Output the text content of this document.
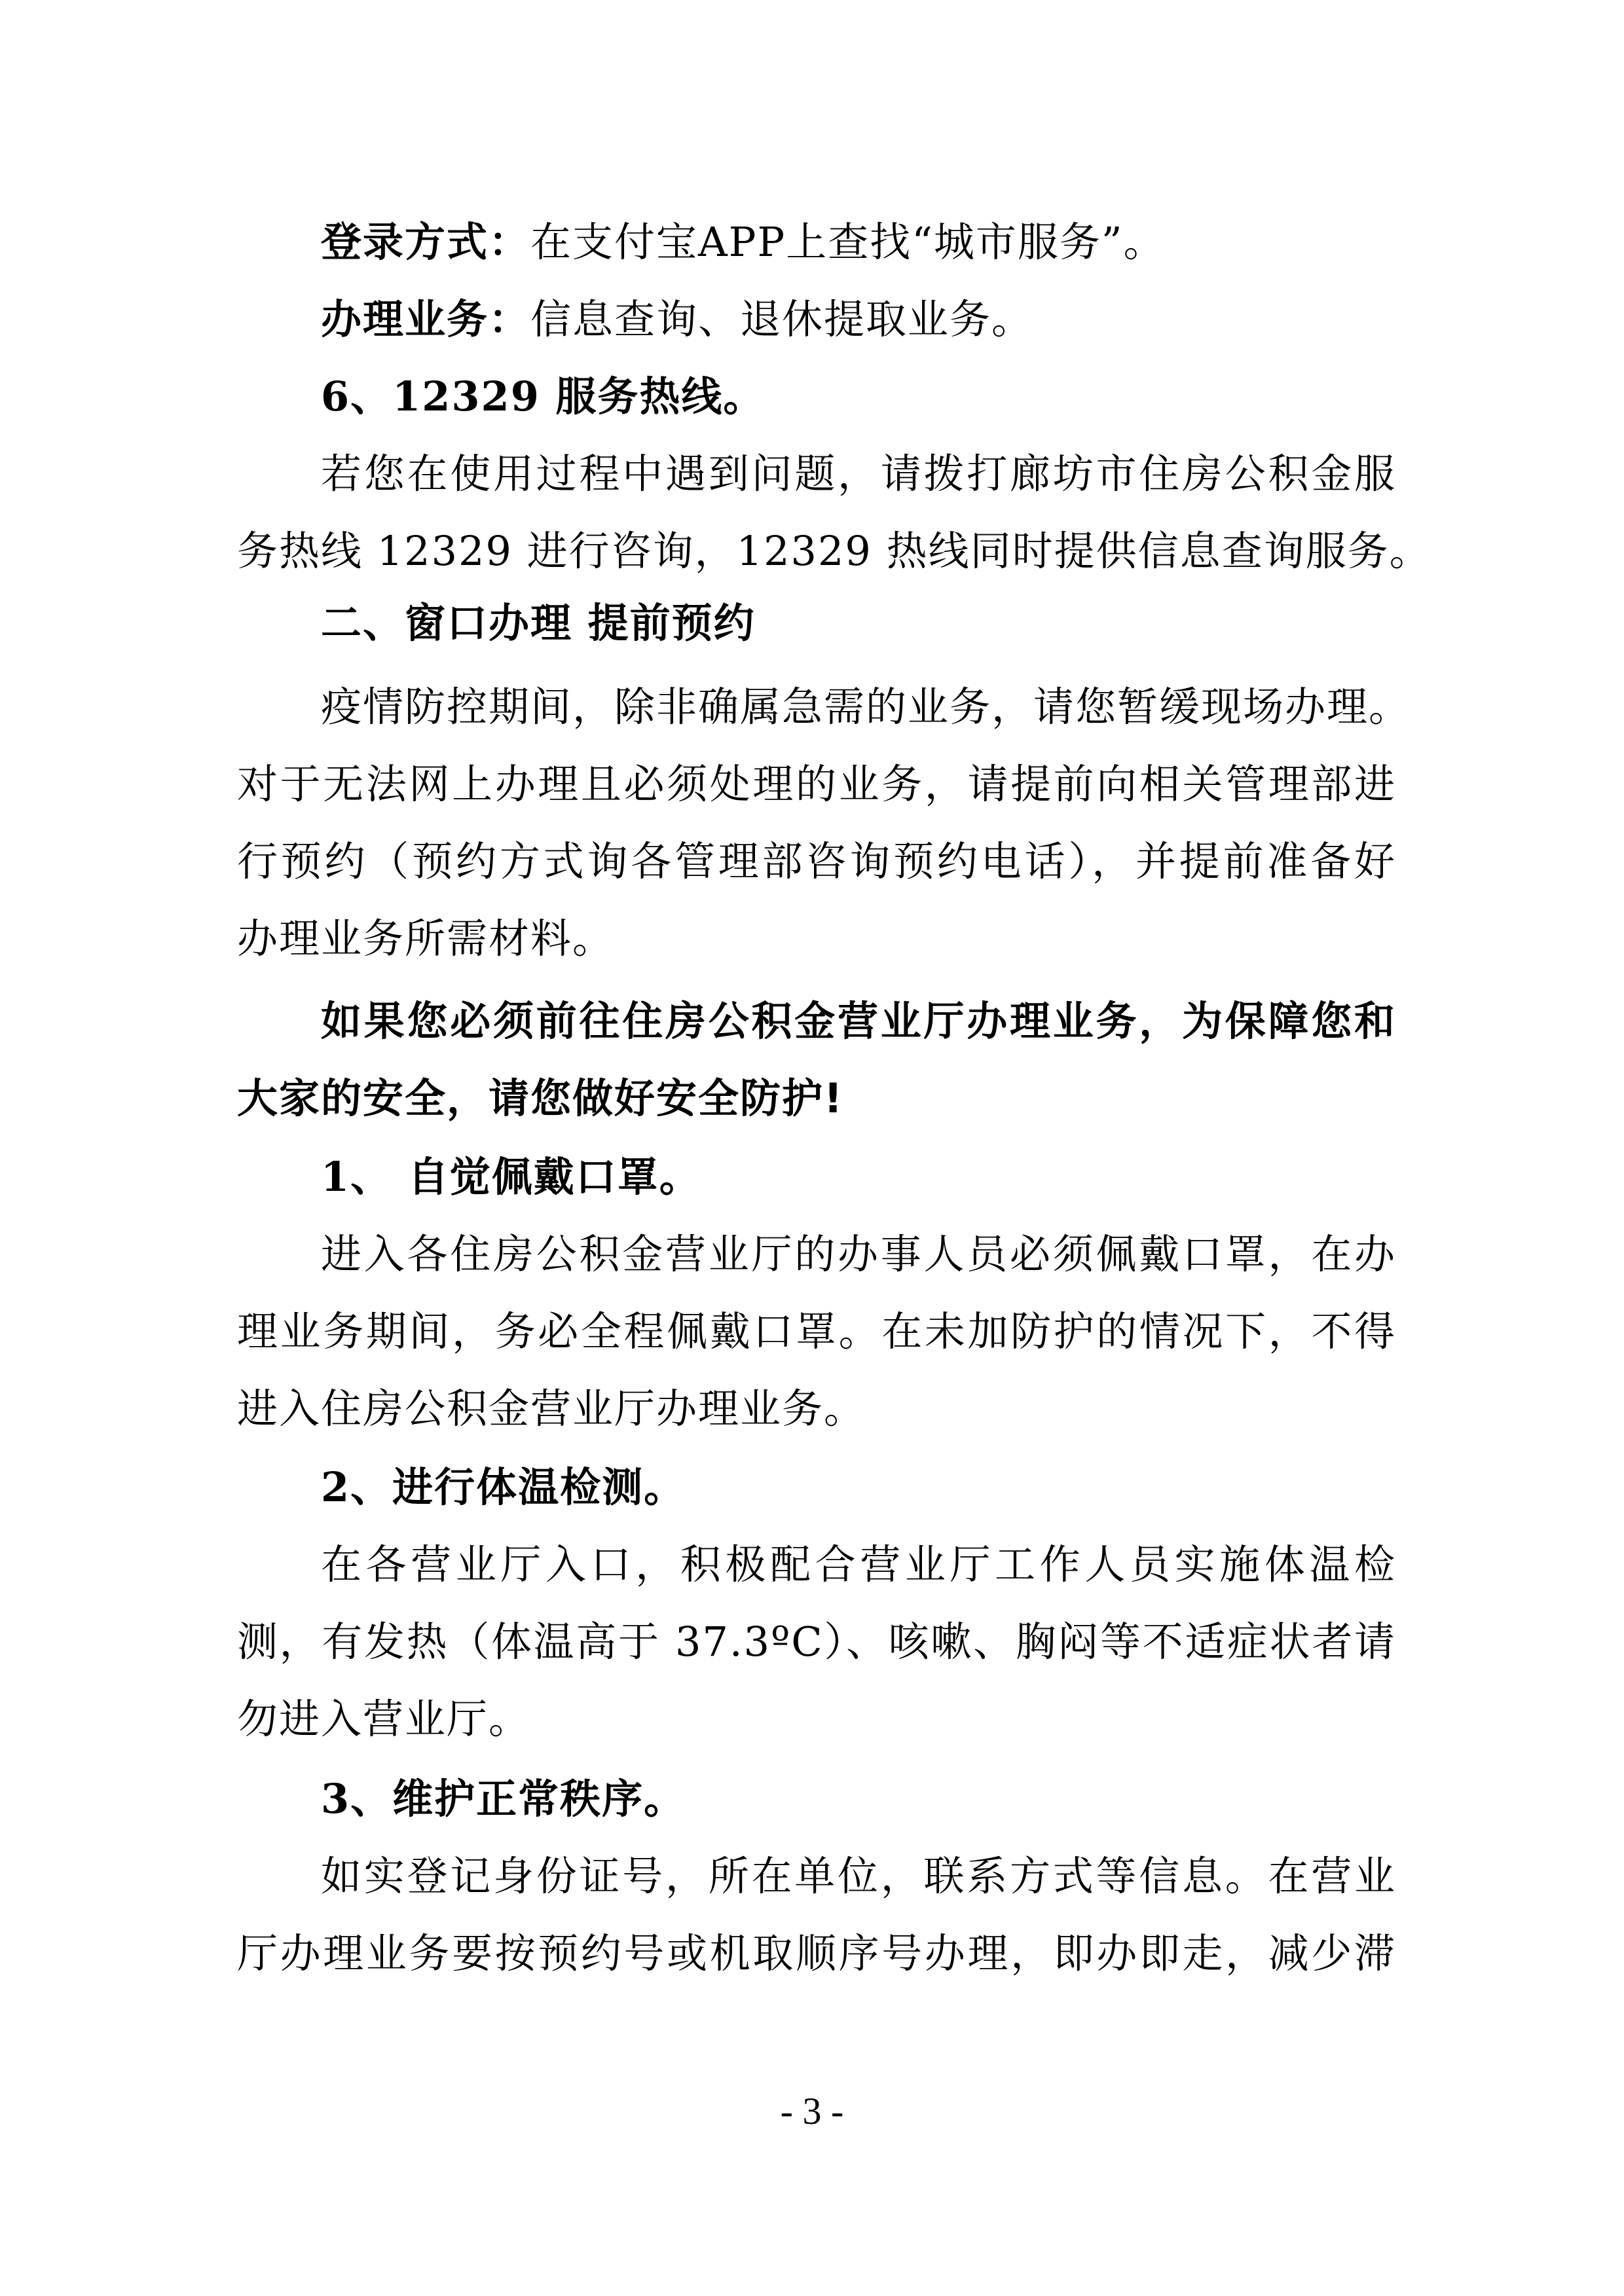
登录方式：在支付宝APP上查找“城市服务”。
办理业务：信息查询、退休提取业务。
6、12329 服务热线。
若您在使用过程中遇到问题，请拨打廊坊市住房公积金服
务热线 12329 进行咨询，12329 热线同时提供信息查询服务。
二、窗口办理 提前预约
疫情防控期间，除非确属急需的业务，请您暂缓现场办理。
对于无法网上办理且必须处理的业务，请提前向相关管理部进
行预约（预约方式询各管理部咨询预约电话），并提前准备好
办理业务所需材料。
如果您必须前往住房公积金营业厅办理业务，为保障您和
大家的安全，请您做好安全防护!
1、 自觉佩戴口罩。
进入各住房公积金营业厅的办事人员必须佩戴口罩，在办
理业务期间，务必全程佩戴口罩。在未加防护的情况下，不得
进入住房公积金营业厅办理业务。
2、进行体温检测。
在各营业厅入口，积极配合营业厅工作人员实施体温检
测，有发热（体温高于 37.3ºC）、咳嗽、胸闷等不适症状者请
勿进入营业厅。
3、维护正常秩序。
如实登记身份证号，所在单位，联系方式等信息。在营业
厅办理业务要按预约号或机取顺序号办理，即办即走，减少滞
- 3 -
